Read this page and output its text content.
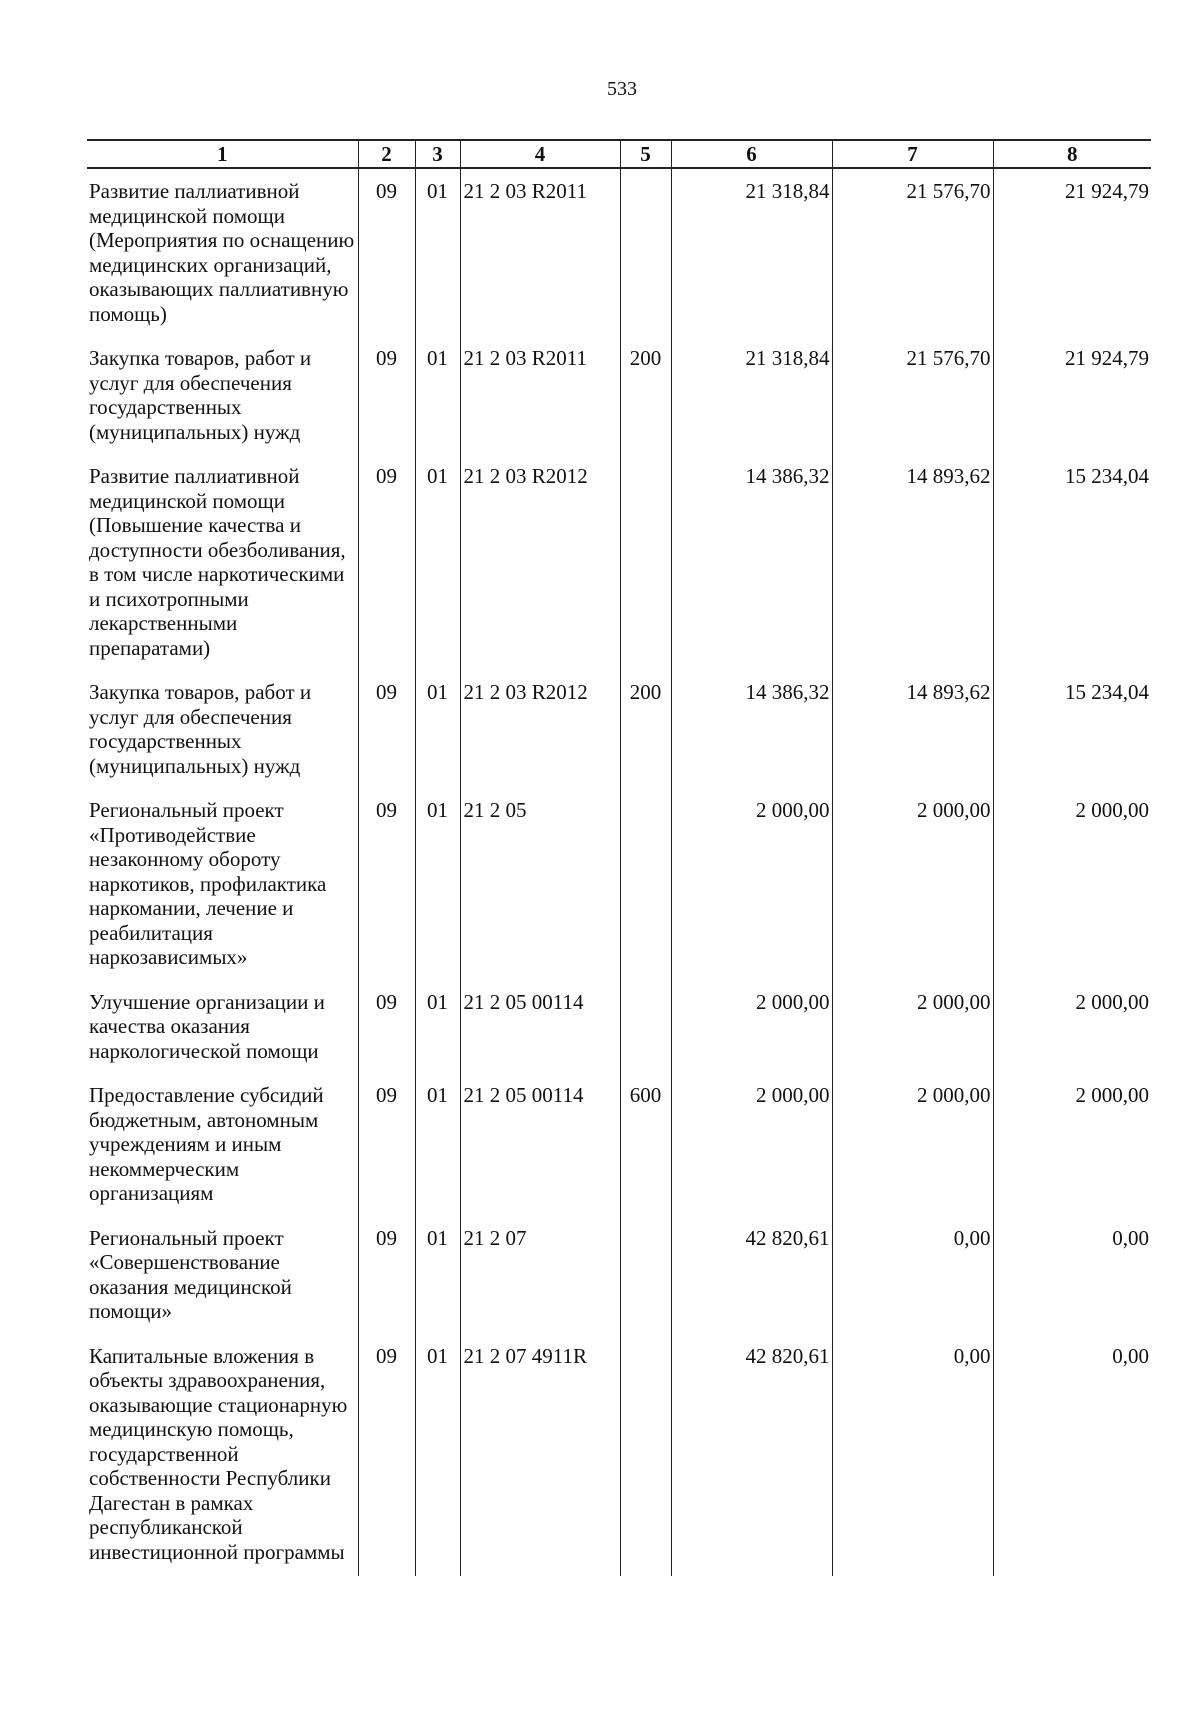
533
1	2	3	4	5	6	7	8
Развитие паллиативной медицинской помощи (Мероприятия по оснащению медицинских организаций, оказывающих паллиативную помощь)	09	01	21 2 03 R2011		21 318,84	21 576,70	21 924,79
Закупка товаров, работ и услуг для обеспечения государственных (муниципальных) нужд	09	01	21 2 03 R2011	200	21 318,84	21 576,70	21 924,79
Развитие паллиативной медицинской помощи (Повышение качества и доступности обезболивания, в том числе наркотическими и психотропными лекарственными препаратами)	09	01	21 2 03 R2012		14 386,32	14 893,62	15 234,04
Закупка товаров, работ и услуг для обеспечения государственных (муниципальных) нужд	09	01	21 2 03 R2012	200	14 386,32	14 893,62	15 234,04
Региональный проект «Противодействие незаконному обороту наркотиков, профилактика наркомании, лечение и реабилитация наркозависимых»	09	01	21 2 05		2 000,00	2 000,00	2 000,00
Улучшение организации и качества оказания наркологической помощи	09	01	21 2 05 00114		2 000,00	2 000,00	2 000,00
Предоставление субсидий бюджетным, автономным учреждениям и иным некоммерческим организациям	09	01	21 2 05 00114	600	2 000,00	2 000,00	2 000,00
Региональный проект «Совершенствование оказания медицинской помощи»	09	01	21 2 07		42 820,61	0,00	0,00
Капитальные вложения в объекты здравоохранения, оказывающие стационарную медицинскую помощь, государственной собственности Республики Дагестан в рамках республиканской инвестиционной программы	09	01	21 2 07 4911R		42 820,61	0,00	0,00
